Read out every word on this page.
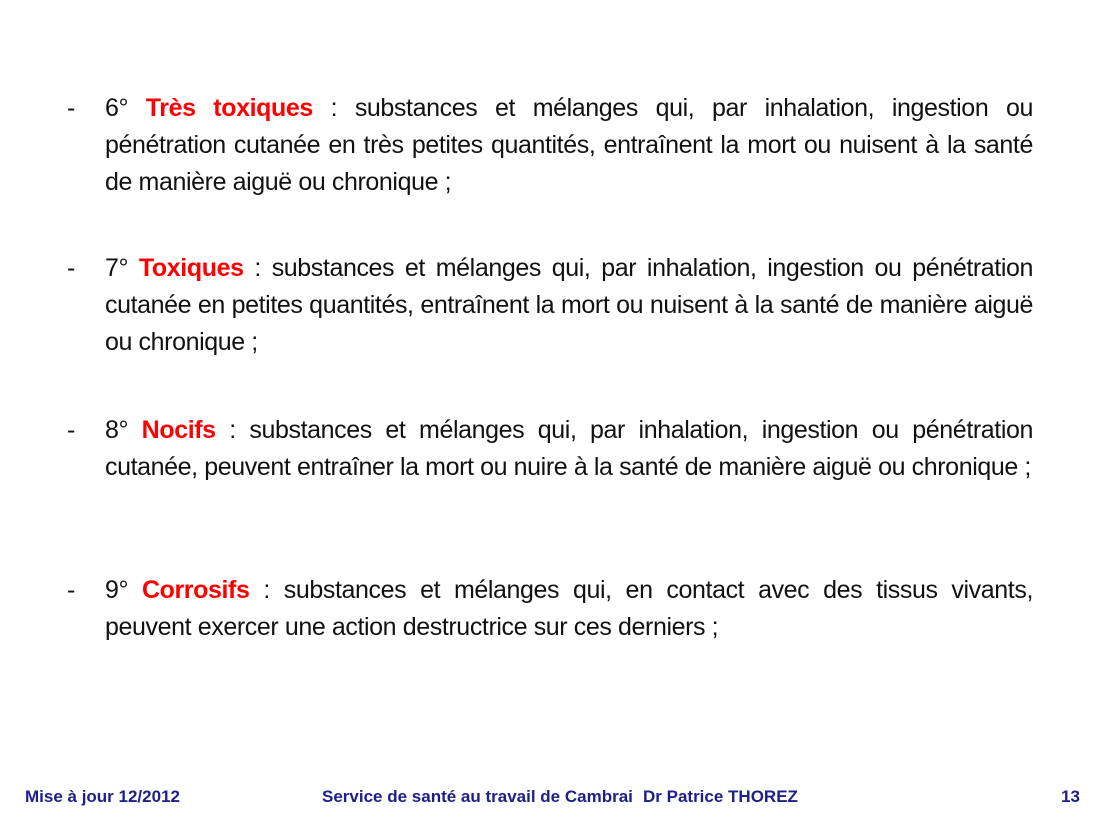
- 6° Très toxiques : substances et mélanges qui, par inhalation, ingestion ou pénétration cutanée en très petites quantités, entraînent la mort ou nuisent à la santé de manière aiguë ou chronique ;
- 7° Toxiques : substances et mélanges qui, par inhalation, ingestion ou pénétration cutanée en petites quantités, entraînent la mort ou nuisent à la santé de manière aiguë ou chronique ;
- 8° Nocifs : substances et mélanges qui, par inhalation, ingestion ou pénétration cutanée, peuvent entraîner la mort ou nuire à la santé de manière aiguë ou chronique ;
- 9° Corrosifs : substances et mélanges qui, en contact avec des tissus vivants, peuvent exercer une action destructrice sur ces derniers ;
Mise à jour 12/2012	Service de santé au travail de Cambrai Dr Patrice THOREZ	13
